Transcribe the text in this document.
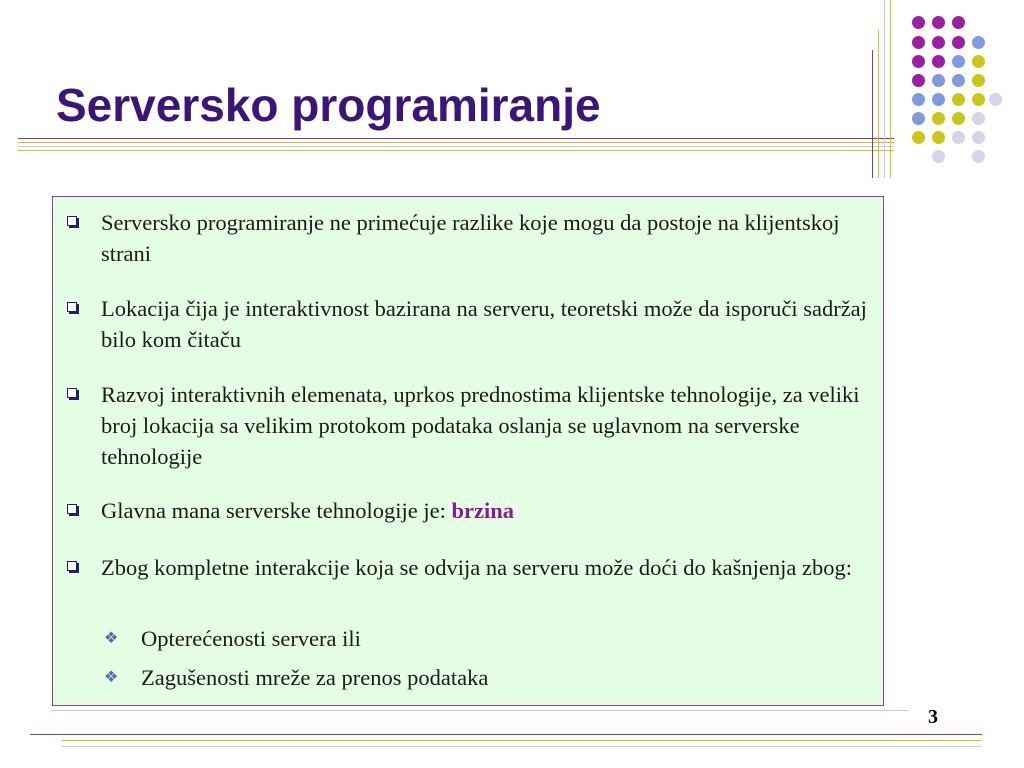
Serversko programiranje
Serversko programiranje ne primećuje razlike koje mogu da postoje na klijentskoj strani
Lokacija čija je interaktivnost bazirana na serveru, teoretski može da isporuči sadržaj bilo kom čitaču
Razvoj interaktivnih elemenata, uprkos prednostima klijentske tehnologije, za veliki broj lokacija sa velikim protokom podataka oslanja se uglavnom na serverske tehnologije
Glavna mana serverske tehnologije je: brzina
Zbog kompletne interakcije koja se odvija na serveru može doći do kašnjenja zbog:
❖ Opterećenosti servera ili
❖ Zagušenosti mreže za prenos podataka
3
